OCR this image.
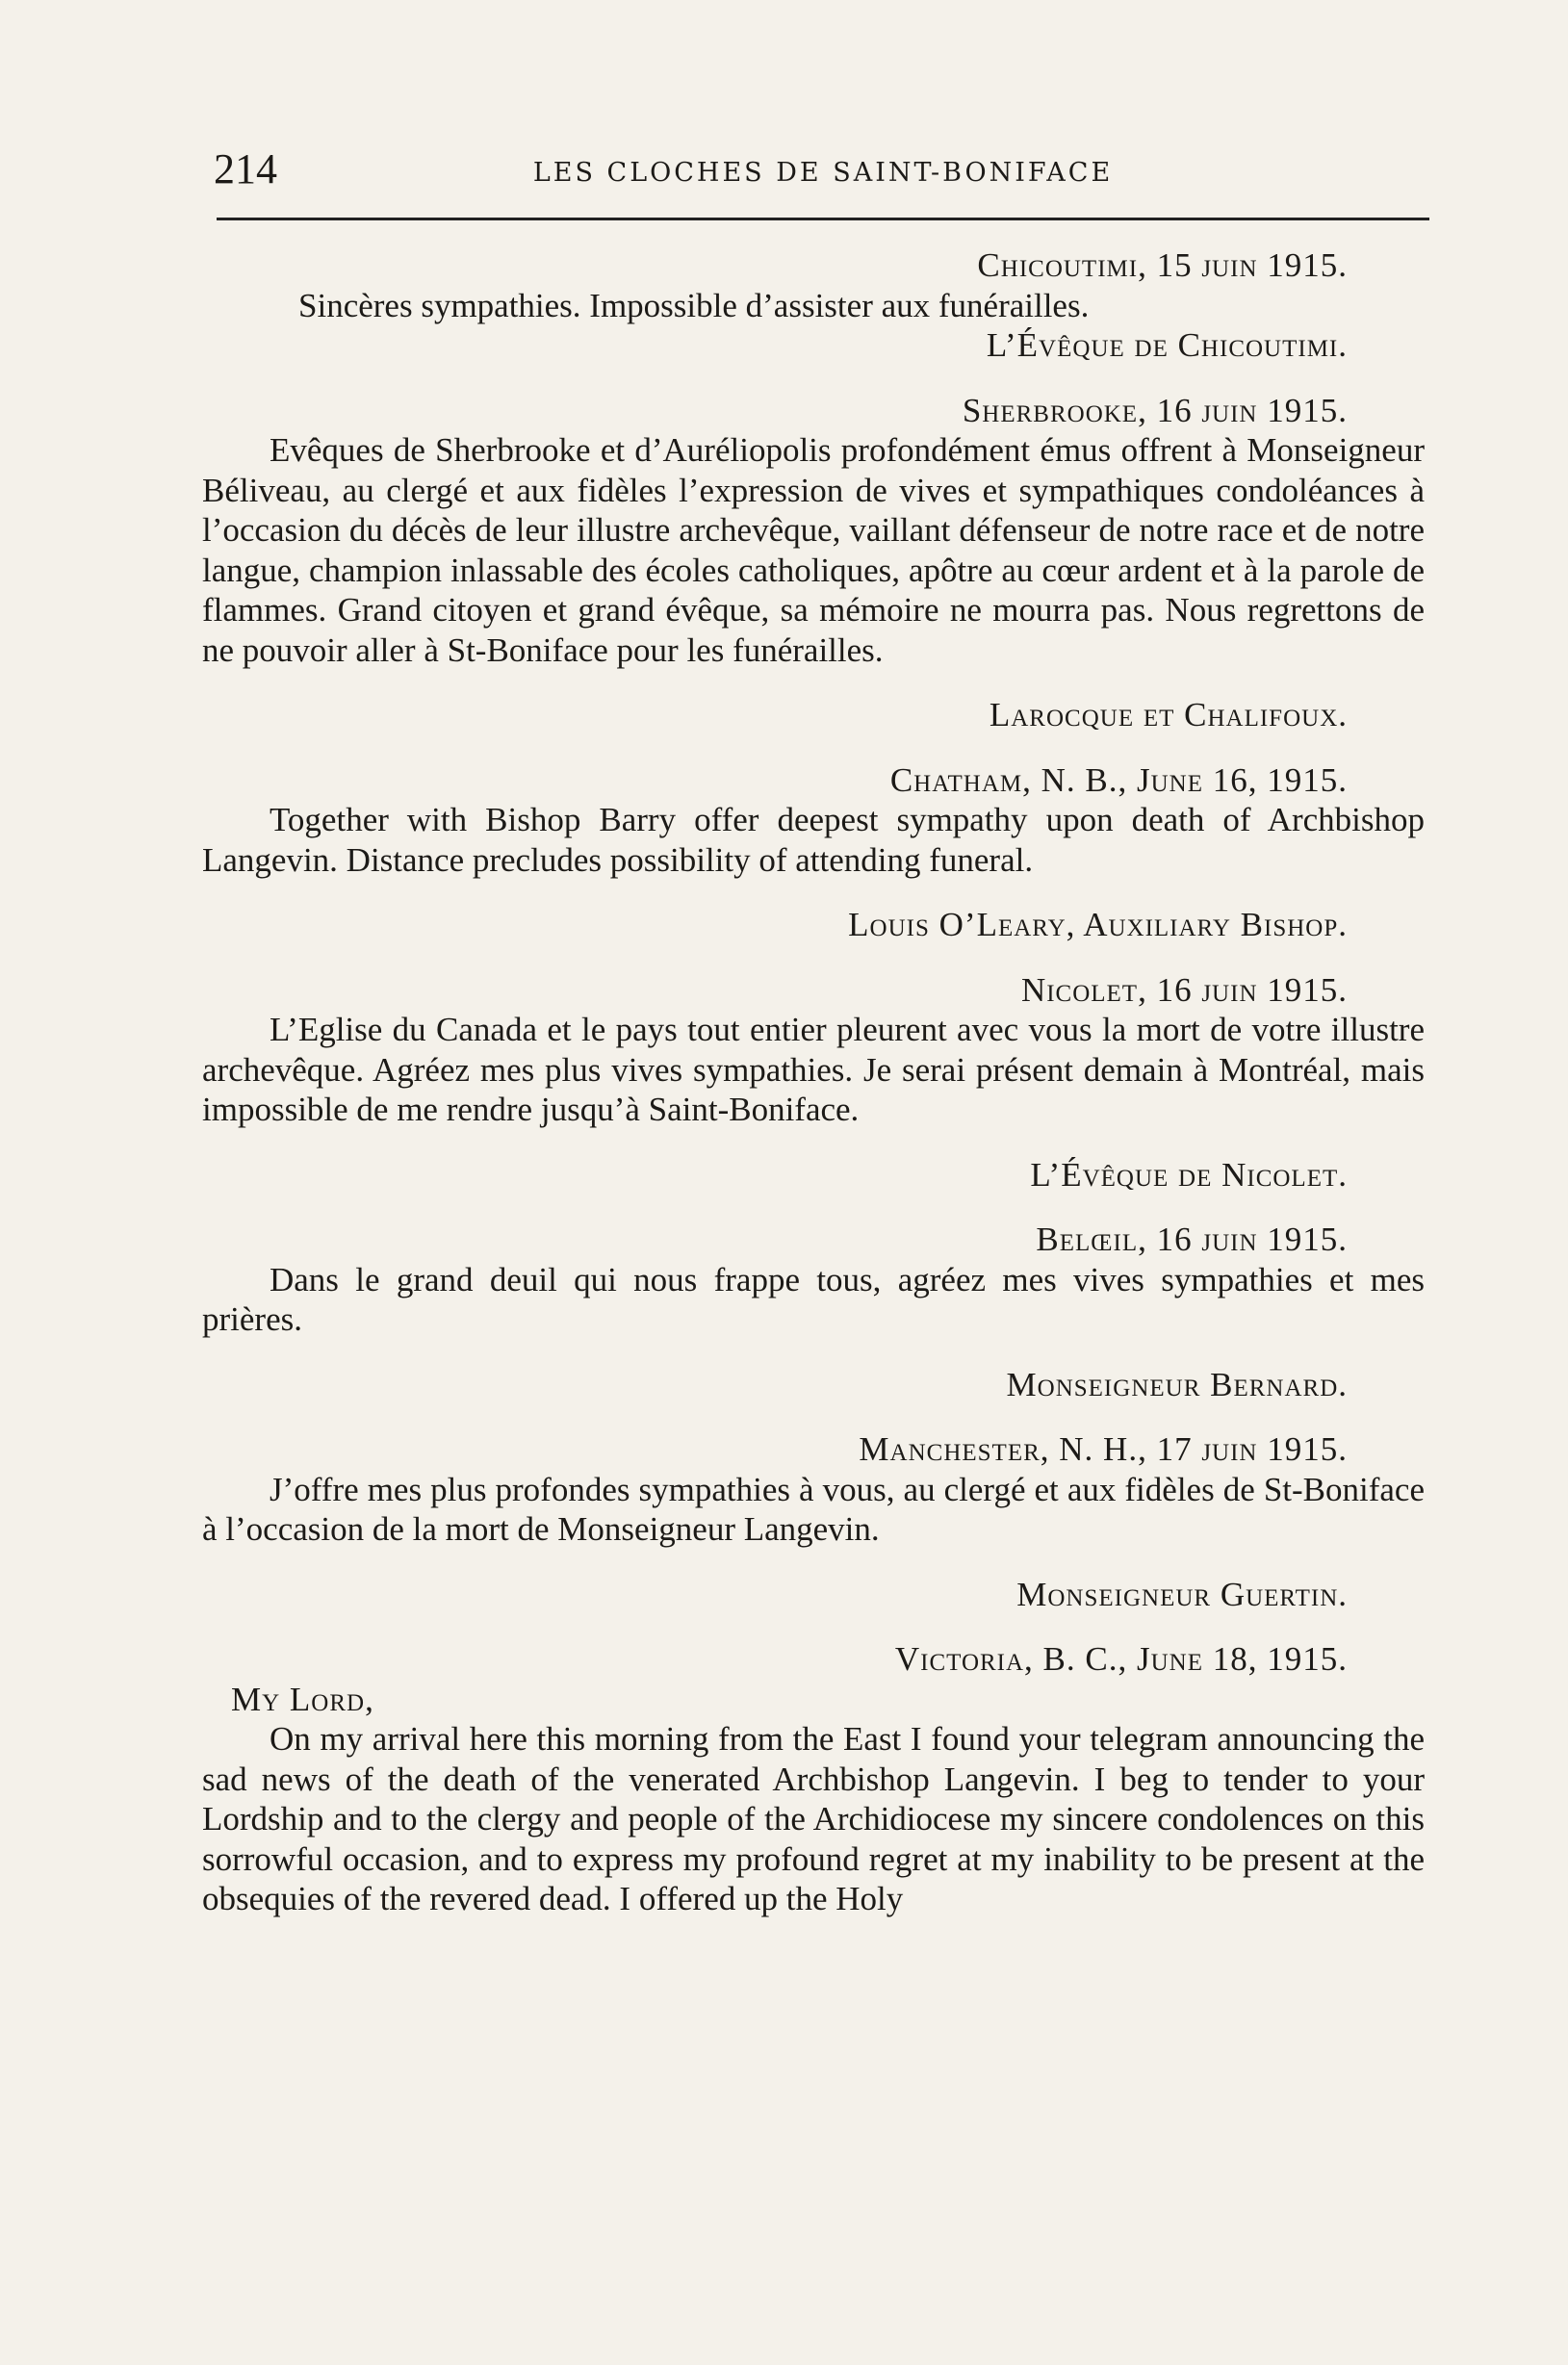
214	LES CLOCHES DE SAINT-BONIFACE
Chicoutimi, 15 juin 1915.
Sincères sympathies. Impossible d’assister aux funérailles.
L’Évêque de Chicoutimi.
Sherbrooke, 16 juin 1915.
Evêques de Sherbrooke et d’Auréliopolis profondément émus offrent à Monseigneur Béliveau, au clergé et aux fidèles l’expression de vives et sympathiques condoléances à l’occasion du décès de leur illustre archevêque, vaillant défenseur de notre race et de notre langue, champion inlassable des écoles catholiques, apôtre au cœur ardent et à la parole de flammes. Grand citoyen et grand évêque, sa mémoire ne mourra pas. Nous regrettons de ne pouvoir aller à St-Boniface pour les funérailles.
Larocque et Chalifoux.
Chatham, N. B., June 16, 1915.
Together with Bishop Barry offer deepest sympathy upon death of Archbishop Langevin. Distance precludes possibility of attending funeral.
Louis O’Leary, Auxiliary Bishop.
Nicolet, 16 juin 1915.
L’Eglise du Canada et le pays tout entier pleurent avec vous la mort de votre illustre archevêque. Agréez mes plus vives sympathies. Je serai présent demain à Montréal, mais impossible de me rendre jusqu’à Saint-Boniface.
L’Évêque de Nicolet.
Belœil, 16 juin 1915.
Dans le grand deuil qui nous frappe tous, agréez mes vives sympathies et mes prières.
Monseigneur Bernard.
Manchester, N. H., 17 juin 1915.
J’offre mes plus profondes sympathies à vous, au clergé et aux fidèles de St-Boniface à l’occasion de la mort de Monseigneur Langevin.
Monseigneur Guertin.
Victoria, B. C., June 18, 1915.
My Lord,
On my arrival here this morning from the East I found your telegram announcing the sad news of the death of the venerated Archbishop Langevin. I beg to tender to your Lordship and to the clergy and people of the Archidiocese my sincere condolences on this sorrowful occasion, and to express my profound regret at my inability to be present at the obsequies of the revered dead. I offered up the Holy
